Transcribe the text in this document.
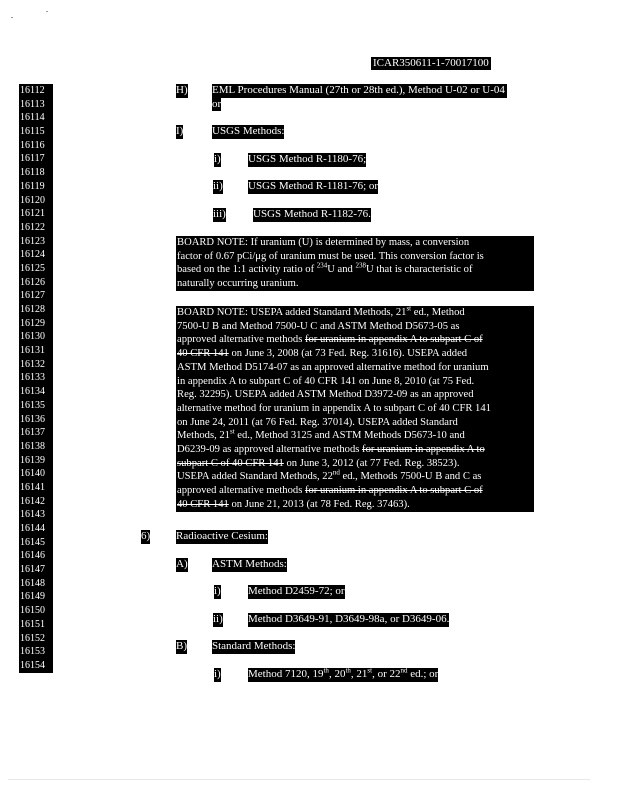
ICAR350611-1-70017100
16112
16113
16114
16115
16116
16117
16118
16119
16120
16121
16122
16123
16124
16125
16126
16127
16128
16129
16130
16131
16132
16133
16134
16135
16136
16137
16138
16139
16140
16141
16142
16143
16144
16145
16146
16147
16148
16149
16150
16151
16152
16153
16154
H) EML Procedures Manual (27th or 28th ed.), Method U-02 or U-04
or
I)	USGS Methods:
i) USGS Method R-1180-76;
ii) USGS Method R-1181-76; or
iii) USGS Method R-1182-76.
BOARD NOTE: If uranium (U) is determined by mass, a conversion
factor of 0.67 pCi/μg of uranium must be used. This conversion factor is
based on the 1:1 activity ratio of $^{234}$U and $^{238}$U that is characteristic of
naturally occurring uranium.
BOARD NOTE: USEPA added Standard Methods, 21st ed., Method
7500-U B and Method 7500-U C and ASTM Method D5673-05 as
approved alternative methods for uranium in appendix A to subpart C of
40 CFR 141 on June 3, 2008 (at 73 Fed. Reg. 31616). USEPA added
ASTM Method D5174-07 as an approved alternative method for uranium
in appendix A to subpart C of 40 CFR 141 on June 8, 2010 (at 75 Fed.
Reg. 32295). USEPA added ASTM Method D3972-09 as an approved
alternative method for uranium in appendix A to subpart C of 40 CFR 141
on June 24, 2011 (at 76 Fed. Reg. 37014). USEPA added Standard
Methods, 21st ed., Method 3125 and ASTM Methods D5673-10 and
D6239-09 as approved alternative methods for uranium in appendix A to
subpart C of 40 CFR 141 on June 3, 2012 (at 77 Fed. Reg. 38523).
USEPA added Standard Methods, 22nd ed., Methods 7500-U B and C as
approved alternative methods for uranium in appendix A to subpart C of
40 CFR 141 on June 21, 2013 (at 78 Fed. Reg. 37463).
6) Radioactive Cesium:
A) ASTM Methods:
i) Method D2459-72; or
ii) Method D3649-91, D3649-98a, or D3649-06.
B) Standard Methods:
i) Method 7120, 19th, 20th, 21st, or 22nd ed.; or
